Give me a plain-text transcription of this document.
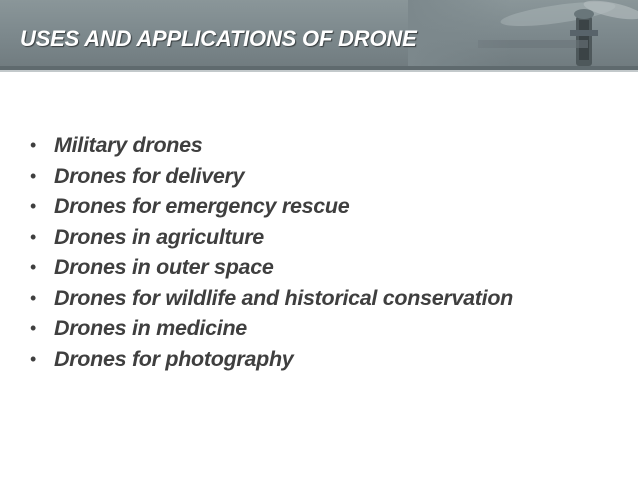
USES AND APPLICATIONS OF DRONE
• Military drones
• Drones for delivery
• Drones for emergency rescue
• Drones in agriculture
• Drones in outer space
• Drones for wildlife and historical conservation
• Drones in medicine
• Drones for photography
